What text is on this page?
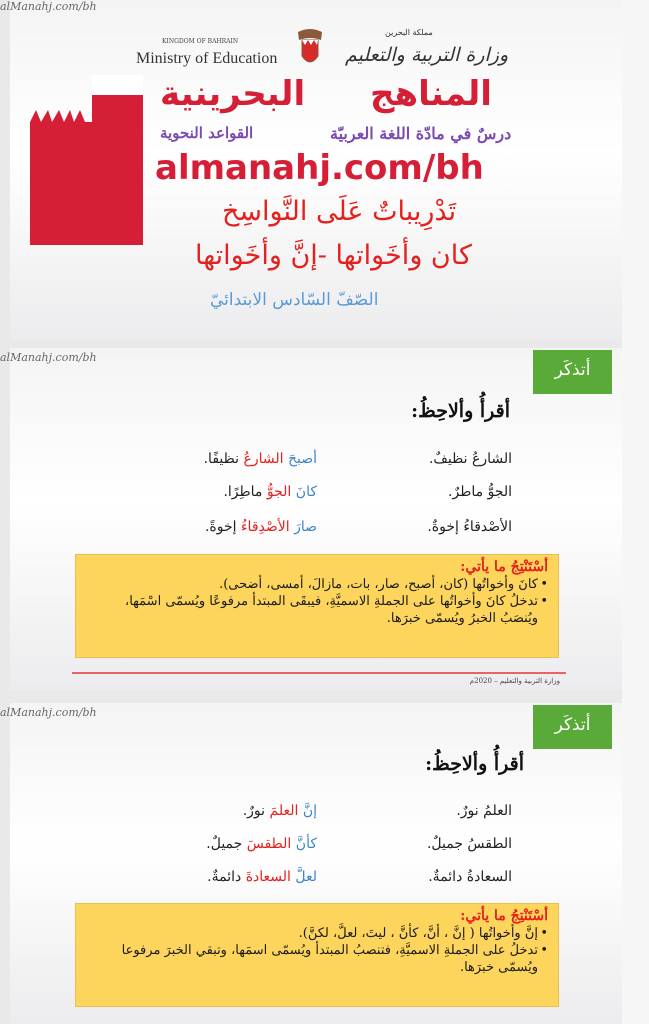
alManahj.com/bh
KINGDOM OF BAHRAIN
Ministry of Education
مملكة البحرين
وزارة التربية والتعليم
المناهج
البحرينية
درسٌ في مادّة اللغة العربيّة
القواعد النحوية
almanahj.com/bh
تَدْرِيباتٌ عَلَى النَّواسِخ
كان وأخَواتها -إنَّ وأخَواتها
الصّفّ السّادس الابتدائيّ
alManahj.com/bh
أتذكَر
أقرأُ وألاحِظُ:
الشارعُ نظيفٌ.
أصبحَ الشارعُ نظيفًا.
الجوُّ ماطرٌ.
كانَ الجوُّ ماطِرًا.
الأصْدقاءُ إخوةٌ.
صارَ الأصْدِقاءُ إخوةً.
أسْتَنْتِجُ ما يأتي:
• كانَ وأخواتُها (كان، أصبح، صار، بات، مازالَ، أمسى، أضحى).
• تدخلُ كانَ وأخواتُها على الجملةِ الاسميَّةِ، فيبقَى المبتدأ مرفوعًا ويُسمّى اسْمَها، ويُنصَبُ الخبرُ ويُسمّى خبرَها.
وزارة التربية والتعليم – 2020م
alManahj.com/bh
أتذكَر
أقرأُ وألاحِظُ:
العلمُ نورٌ.
إنَّ العلمَ نورٌ.
الطقسُ جميلٌ.
كأنَّ الطقسَ جميلٌ.
السعادةُ دائمةٌ.
لعلَّ السعادةَ دائمةٌ.
أسْتَنْتِجُ ما يأتي:
• إنَّ وأخواتُها ( إنَّ ، أنَّ، كأنَّ ، ليتَ، لعلَّ، لكنَّ).
• تدخلُ على الجملةِ الاسميَّةِ، فتنصبُ المبتدأ ويُسمّى اسمَها، وتبقي الخبرَ مرفوعا ويُسمّى خبرَها.
